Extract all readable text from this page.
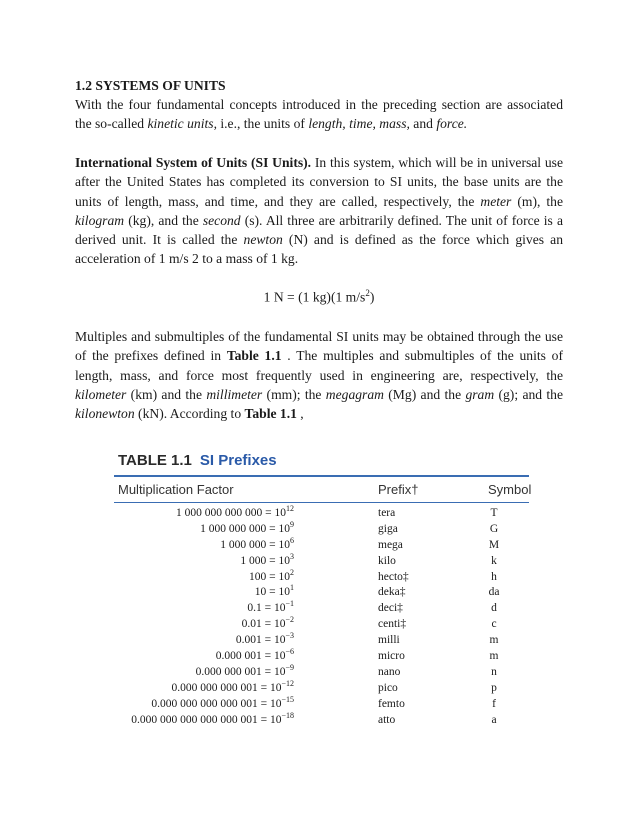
1.2 SYSTEMS OF UNITS

With the four fundamental concepts introduced in the preceding section are associated the so-called kinetic units, i.e., the units of length, time, mass, and force.

International System of Units (SI Units). In this system, which will be in universal use after the United States has completed its conversion to SI units, the base units are the units of length, mass, and time, and they are called, respectively, the meter (m), the kilogram (kg), and the second (s). All three are arbitrarily defined. The unit of force is a derived unit. It is called the newton (N) and is defined as the force which gives an acceleration of 1 m/s 2 to a mass of 1 kg.

1 N = (1 kg)(1 $m/s^2$)

Multiples and submultiples of the fundamental SI units may be obtained through the use of the prefixes defined in Table 1.1 . The multiples and submultiples of the units of length, mass, and force most frequently used in engineering are, respectively, the kilometer (km) and the millimeter (mm); the megagram (Mg) and the gram (g); and the kilonewton (kN). According to Table 1.1 ,

TABLE 1.1 SI Prefixes
Multiplication Factor	Prefix†	Symbol
1 000 000 000 $000 = 10^{12}$	tera	T
1 000 000 $000 = 10^9$	giga	G
1 000 $000 = 10^6$	mega	M
1 $000 = 10^3$	kilo	k
$100 = 10^2$	hecto‡	h
$10 = 10^1$	deka‡	da
$0.1 = 10^{-1}$	deci‡	d
$0.01 = 10^{-2}$	centi‡	c
$0.001 = 10^{-3}$	milli	m
0.000 $001 = 10^{-6}$	micro	m
0.000 000 $001 = 10^{-9}$	nano	n
0.000 000 000 $001 = 10^{-12}$	pico	p
0.000 000 000 000 $001 = 10^{-15}$	femto	f
0.000 000 000 000 000 $001 = 10^{-18}$	atto	a
